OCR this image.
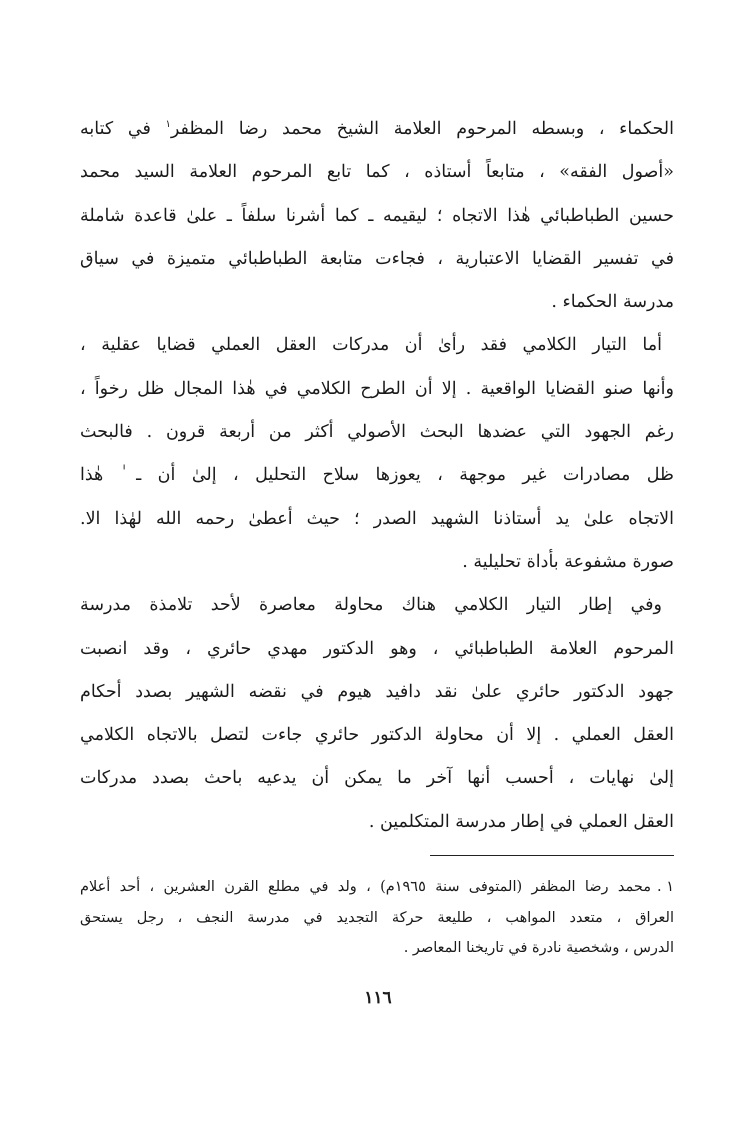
الحكماء ، وبسطه المرحوم العلامة الشيخ محمد رضا المظفر$^١$ في كتابه
«أصول الفقه» ، متابعاً أستاذه ، كما تابع المرحوم العلامة السيد محمد
حسين الطباطبائي هٰذا الاتجاه ؛ ليقيمه ـ كما أشرنا سلفاً ـ علىٰ قاعدة شاملة
في تفسير القضايا الاعتبارية ، فجاءت متابعة الطباطبائي متميزة في سياق
مدرسة الحكماء .
أما التيار الكلامي فقد رأىٰ أن مدركات العقل العملي قضايا عقلية ،
وأنها صنو القضايا الواقعية . إلا أن الطرح الكلامي في هٰذا المجال ظل رخواً ،
رغم الجهود التي عضدها البحث الأصولي أكثر من أربعة قرون . فالبحث
ظل مصادرات غير موجهة ، يعوزها سلاح التحليل ، إلىٰ أن ـ ٰ هٰذا
الاتجاه علىٰ يد أستاذنا الشهيد الصدر ؛ حيث أعطىٰ رحمه الله لهٰذا الا.
صورة مشفوعة بأداة تحليلية .
وفي إطار التيار الكلامي هناك محاولة معاصرة لأحد تلامذة مدرسة
المرحوم العلامة الطباطبائي ، وهو الدكتور مهدي حائري ، وقد انصبت
جهود الدكتور حائري علىٰ نقد دافيد هيوم في نقضه الشهير بصدد أحكام
العقل العملي . إلا أن محاولة الدكتور حائري جاءت لتصل بالاتجاه الكلامي
إلىٰ نهايات ، أحسب أنها آخر ما يمكن أن يدعيه باحث بصدد مدركات
العقل العملي في إطار مدرسة المتكلمين .
١ .محمد رضا المظفر (المتوفى سنة ١٩٦٥م) ، ولد في مطلع القرن العشرين ، أحد أعلام
العراق ، متعدد المواهب ، طليعة حركة التجديد في مدرسة النجف ، رجل يستحق
الدرس ، وشخصية نادرة في تاريخنا المعاصر .
١١٦
